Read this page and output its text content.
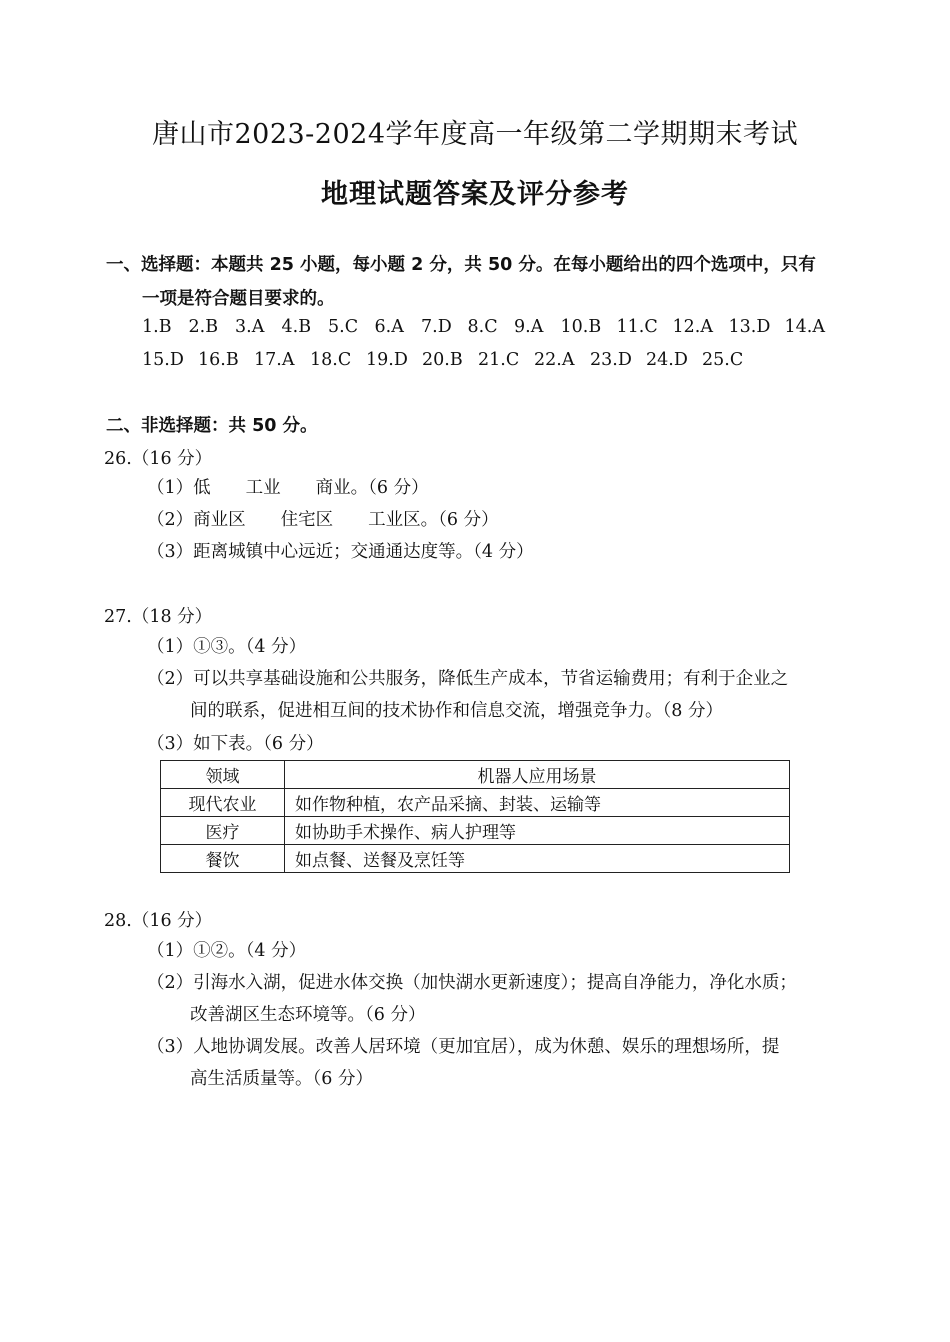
唐山市2023-2024学年度高一年级第二学期期末考试
地理试题答案及评分参考
一、选择题：本题共 25 小题，每小题 2 分，共 50 分。在每小题给出的四个选项中，只有
一项是符合题目要求的。
1.B 2.B 3.A 4.B 5.C 6.A 7.D 8.C 9.A 10.B 11.C 12.A 13.D 14.A
15.D 16.B 17.A 18.C 19.D 20.B 21.C 22.A 23.D 24.D 25.C
二、非选择题：共 50 分。
26.（16 分）
（1）低　　工业　　商业。（6 分）
（2）商业区　　住宅区　　工业区。（6 分）
（3）距离城镇中心远近；交通通达度等。（4 分）
27.（18 分）
（1）①③。（4 分）
（2）可以共享基础设施和公共服务，降低生产成本，节省运输费用；有利于企业之
间的联系，促进相互间的技术协作和信息交流，增强竞争力。（8 分）
（3）如下表。（6 分）
领域	机器人应用场景
现代农业	如作物种植，农产品采摘、封装、运输等
医疗	如协助手术操作、病人护理等
餐饮	如点餐、送餐及烹饪等
28.（16 分）
（1）①②。（4 分）
（2）引海水入湖，促进水体交换（加快湖水更新速度）；提高自净能力，净化水质；
改善湖区生态环境等。（6 分）
（3）人地协调发展。改善人居环境（更加宜居），成为休憩、娱乐的理想场所，提
高生活质量等。（6 分）
